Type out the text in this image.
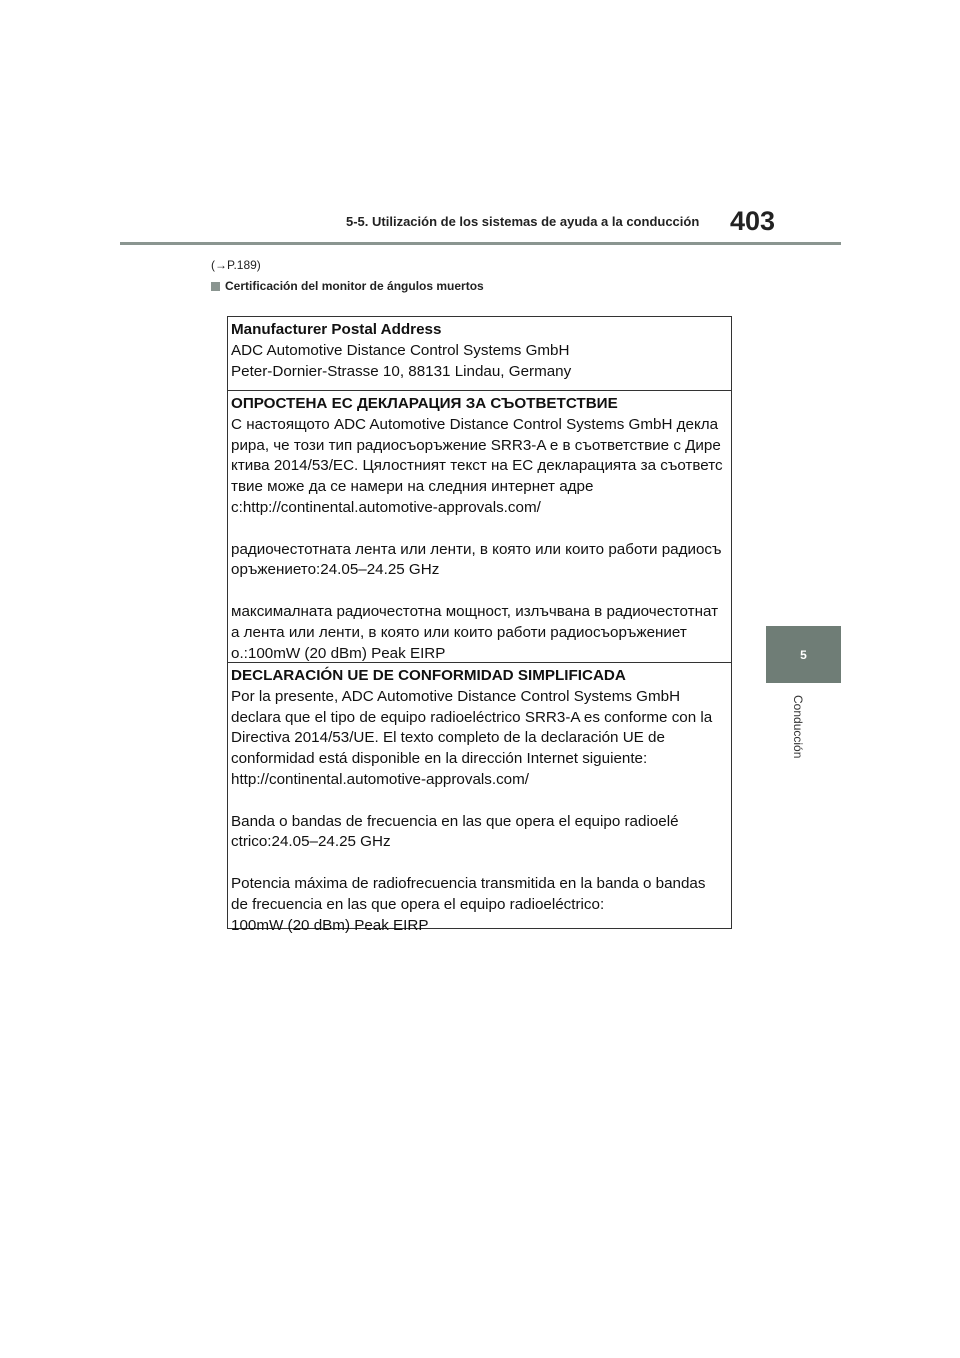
5-5. Utilización de los sistemas de ayuda a la conducción 403
(→P.189)
Certificación del monitor de ángulos muertos
5
Conducción
Manufacturer Postal Address
ADC Automotive Distance Control Systems GmbH
Peter-Dornier-Strasse 10, 88131 Lindau, Germany
ОПРОСТЕНА ЕС ДЕКЛАРАЦИЯ ЗА СЪОТВЕТСТВИЕ
С настоящото ADC Automotive Distance Control Systems GmbH декла
рира, че този тип радиосъоръжение SRR3-A е в съответствие с Дире
ктива 2014/53/ЕС. Цялостният текст на ЕС декларацията за съответс
твие може да се намери на следния интернет адре
c:http://continental.automotive-approvals.com/
радиочестотната лента или ленти, в която или които работи радиосъ
оръжението:24.05–24.25 GHz
максималната радиочестотна мощност, излъчвана в радиочестотнат
а лента или ленти, в която или които работи радиосъоръжениет
о.:100mW (20 dBm) Peak EIRP
DECLARACIÓN UE DE CONFORMIDAD SIMPLIFICADA
Por la presente, ADC Automotive Distance Control Systems GmbH
declara que el tipo de equipo radioeléctrico SRR3-A es conforme con la
Directiva 2014/53/UE. El texto completo de la declaración UE de
conformidad está disponible en la dirección Internet siguiente:
http://continental.automotive-approvals.com/
Banda o bandas de frecuencia en las que opera el equipo radioelé
ctrico:24.05–24.25 GHz
Potencia máxima de radiofrecuencia transmitida en la banda o bandas
de frecuencia en las que opera el equipo radioeléctrico:
100mW (20 dBm) Peak EIRP
